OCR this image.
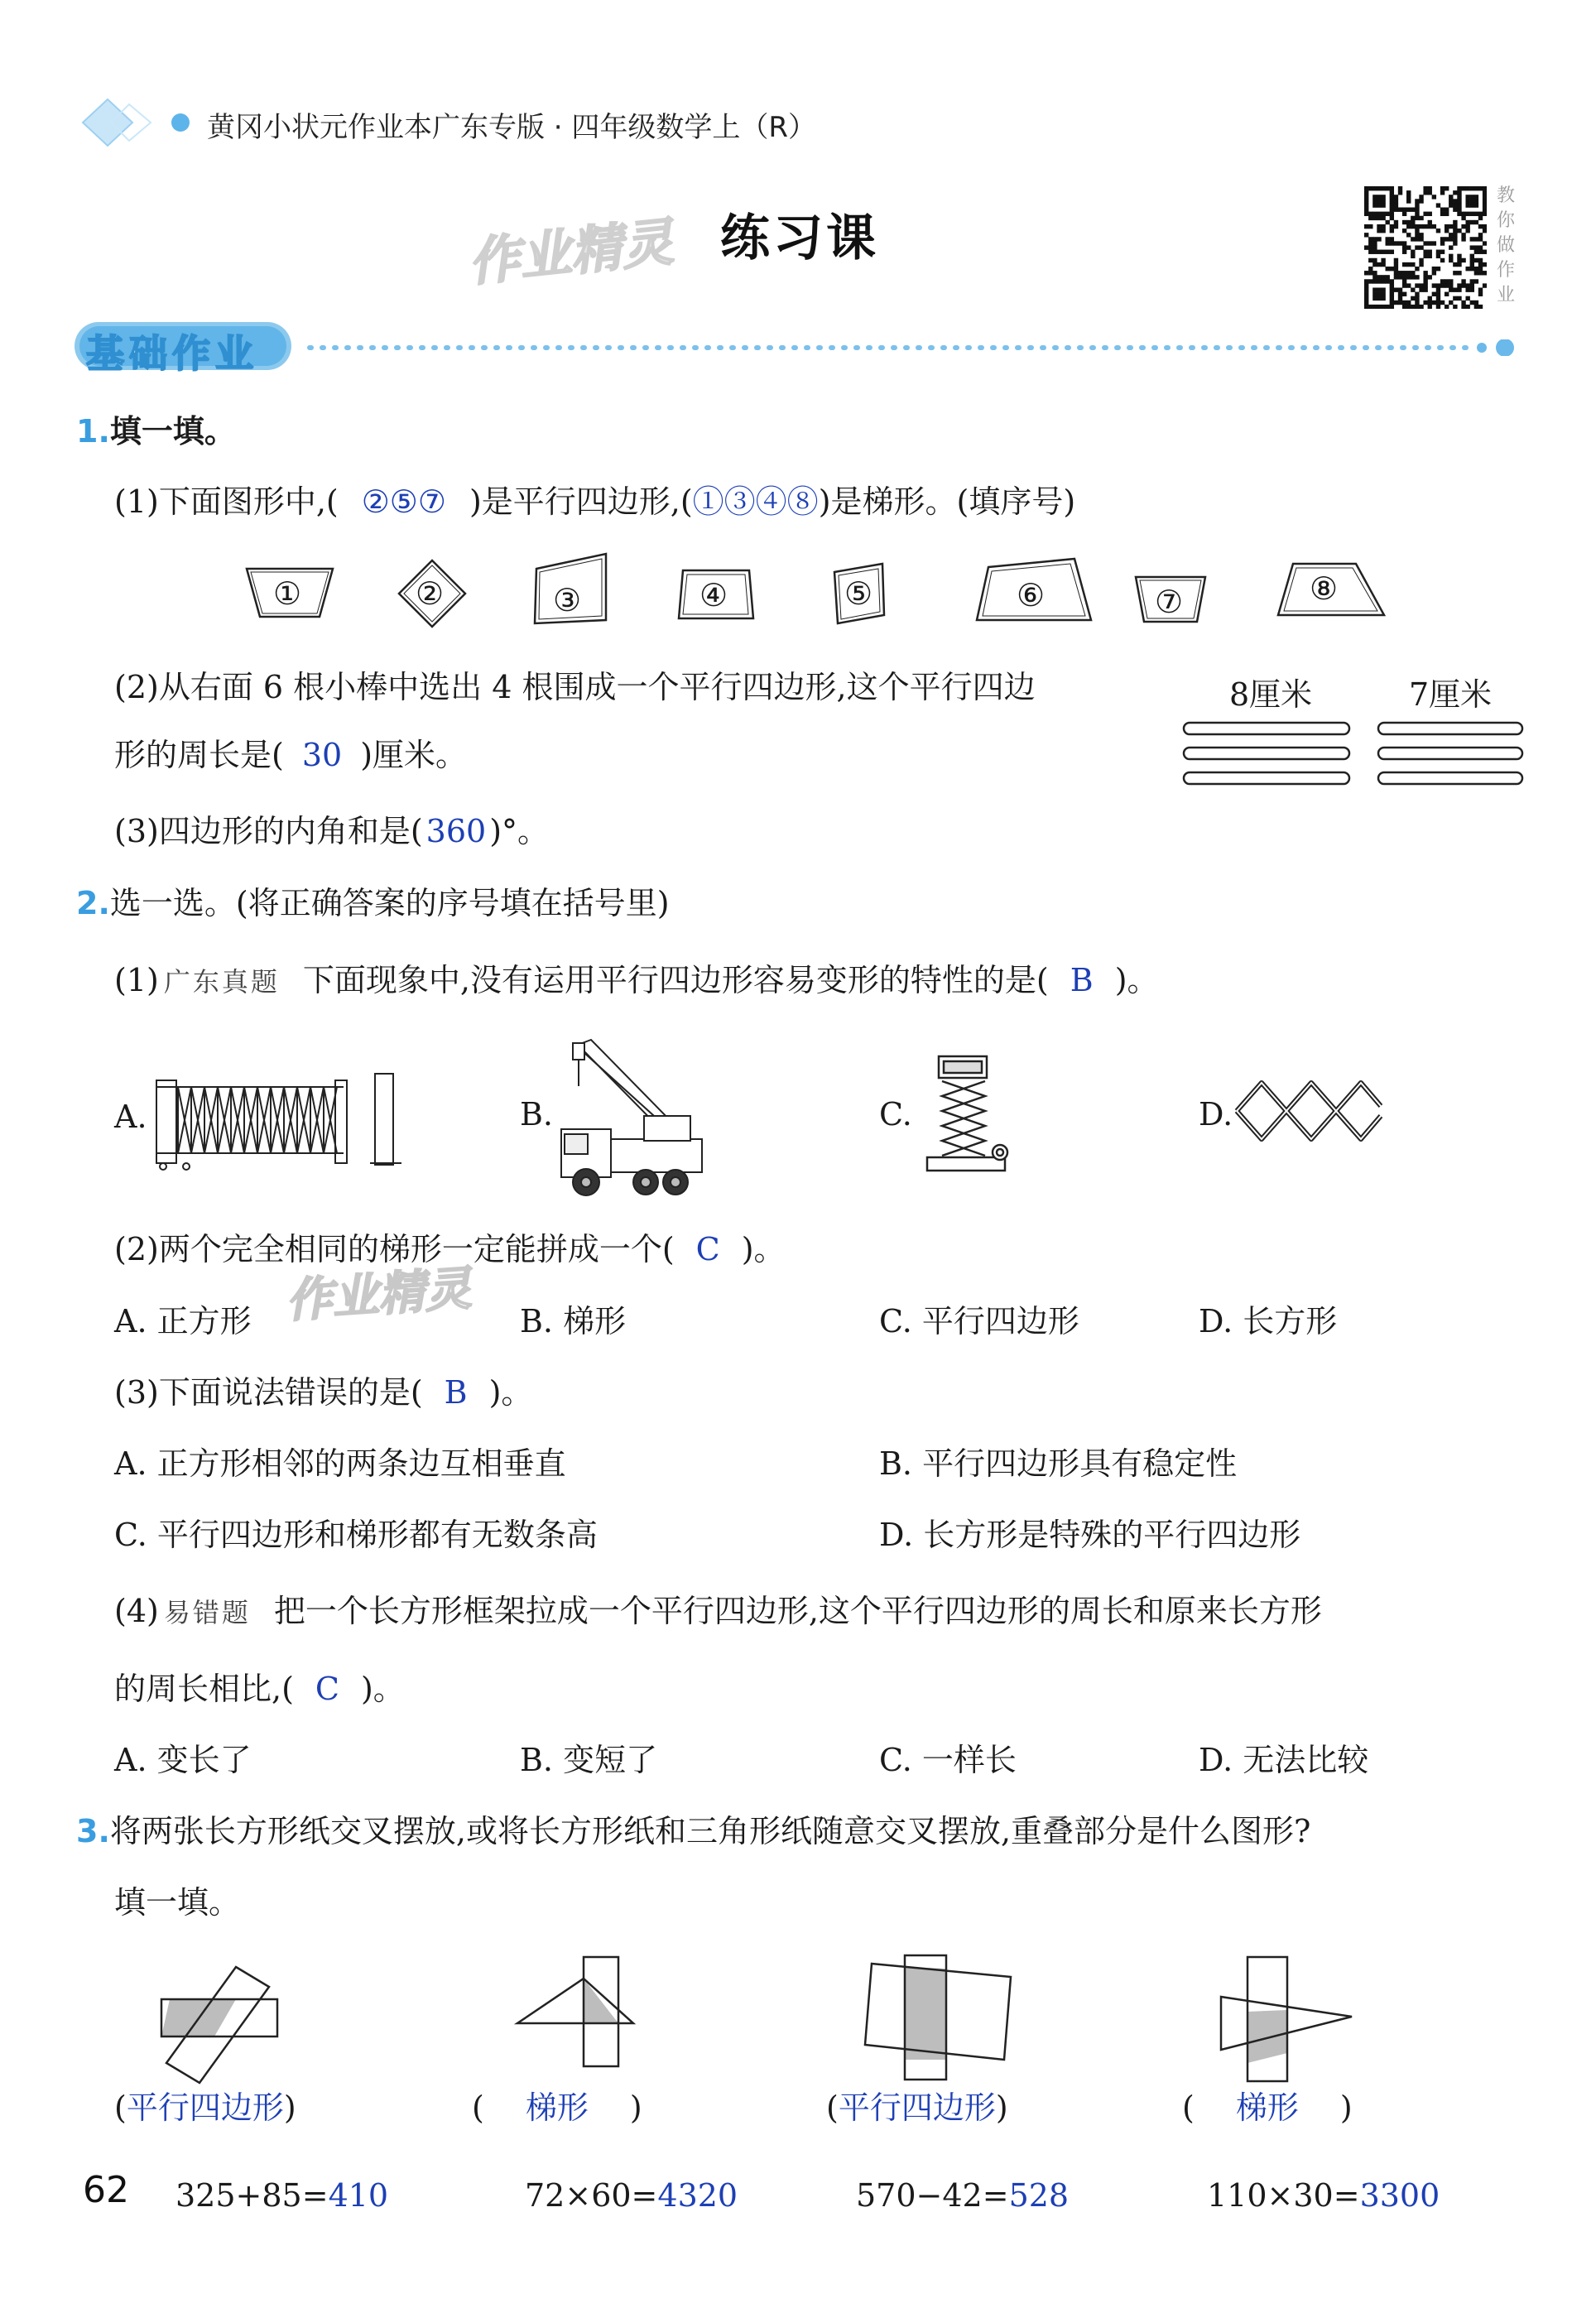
黄冈小状元作业本广东专版 · 四年级数学上（R）
作业精灵 练习课
教你做作业
基础作业
1.填一填。
(1)下面图形中,( ②⑤⑦ )是平行四边形,(①③④⑧)是梯形。(填序号)
①	②	③	④	⑤	⑥	⑦	⑧
(2)从右面 6 根小棒中选出 4 根围成一个平行四边形,这个平行四边
形的周长是( 30 )厘米。
8厘米	7厘米
(3)四边形的内角和是( 360 )°。
2.选一选。(将正确答案的序号填在括号里)
(1) 广东真题 下面现象中,没有运用平行四边形容易变形的特性的是( B )。
A.	B.	C.	D.
作业精灵
(2)两个完全相同的梯形一定能拼成一个( C )。
A. 正方形	B. 梯形	C. 平行四边形	D. 长方形
(3)下面说法错误的是( B )。
A. 正方形相邻的两条边互相垂直	B. 平行四边形具有稳定性
C. 平行四边形和梯形都有无数条高	D. 长方形是特殊的平行四边形
(4) 易错题 把一个长方形框架拉成一个平行四边形,这个平行四边形的周长和原来长方形
的周长相比,( C )。
A. 变长了	B. 变短了	C. 一样长	D. 无法比较
3.将两张长方形纸交叉摆放,或将长方形纸和三角形纸随意交叉摆放,重叠部分是什么图形?
填一填。
(平行四边形)	( 梯形 )	(平行四边形)	( 梯形 )
62 325+85=410	72×60=4320	570−42=528	110×30=3300
